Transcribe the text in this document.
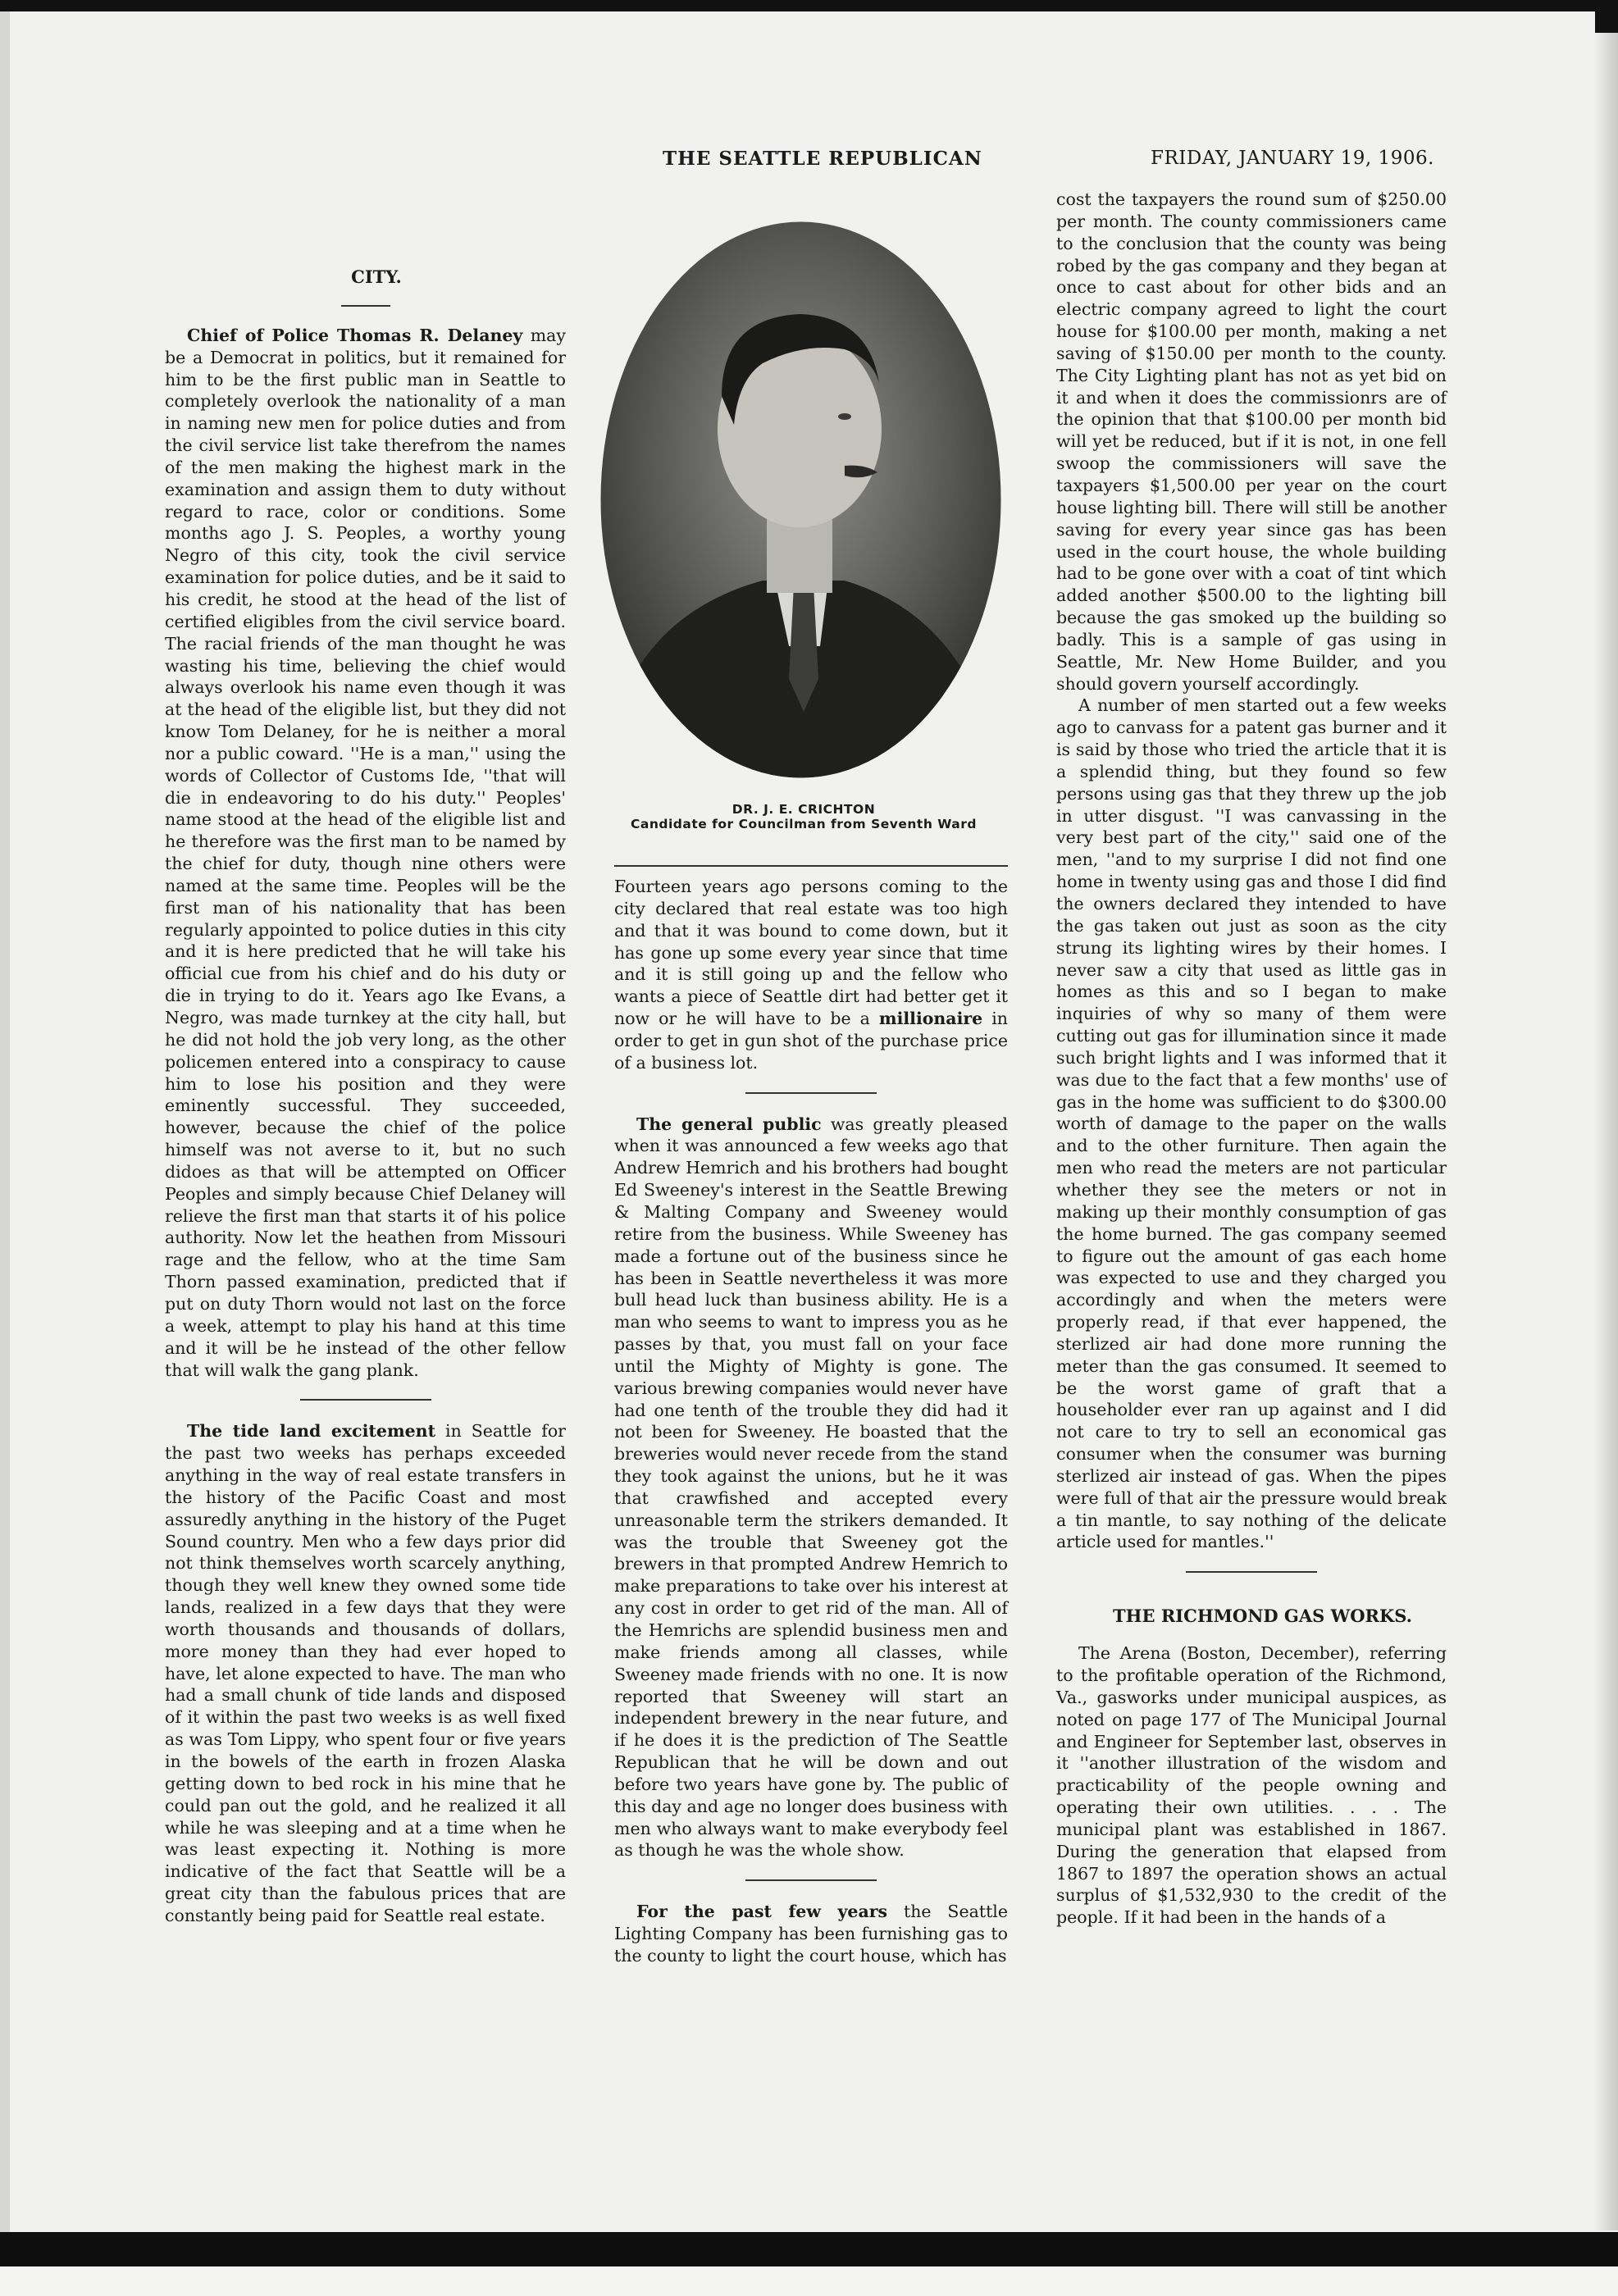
THE SEATTLE REPUBLICAN	FRIDAY, JANUARY 19, 1906.

CITY.

Chief of Police Thomas R. Delaney may be a Democrat in politics, but it remained for him to be the first public man in Seattle to completely overlook the nationality of a man in naming new men for police duties and from the civil service list take therefrom the names of the men making the highest mark in the examination and assign them to duty without regard to race, color or conditions. Some months ago J. S. Peoples, a worthy young Negro of this city, took the civil service examination for police duties, and be it said to his credit, he stood at the head of the list of certified eligibles from the civil service board. The racial friends of the man thought he was wasting his time, believing the chief would always overlook his name even though it was at the head of the eligible list, but they did not know Tom Delaney, for he is neither a moral nor a public coward. ''He is a man,'' using the words of Collector of Customs Ide, ''that will die in endeavoring to do his duty.'' Peoples' name stood at the head of the eligible list and he therefore was the first man to be named by the chief for duty, though nine others were named at the same time. Peoples will be the first man of his nationality that has been regularly appointed to police duties in this city and it is here predicted that he will take his official cue from his chief and do his duty or die in trying to do it. Years ago Ike Evans, a Negro, was made turnkey at the city hall, but he did not hold the job very long, as the other policemen entered into a conspiracy to cause him to lose his position and they were eminently successful. They succeeded, however, because the chief of the police himself was not averse to it, but no such didoes as that will be attempted on Officer Peoples and simply because Chief Delaney will relieve the first man that starts it of his police authority. Now let the heathen from Missouri rage and the fellow, who at the time Sam Thorn passed examination, predicted that if put on duty Thorn would not last on the force a week, attempt to play his hand at this time and it will be he instead of the other fellow that will walk the gang plank.

The tide land excitement in Seattle for the past two weeks has perhaps exceeded anything in the way of real estate transfers in the history of the Pacific Coast and most assuredly anything in the history of the Puget Sound country. Men who a few days prior did not think themselves worth scarcely anything, though they well knew they owned some tide lands, realized in a few days that they were worth thousands and thousands of dollars, more money than they had ever hoped to have, let alone expected to have. The man who had a small chunk of tide lands and disposed of it within the past two weeks is as well fixed as was Tom Lippy, who spent four or five years in the bowels of the earth in frozen Alaska getting down to bed rock in his mine that he could pan out the gold, and he realized it all while he was sleeping and at a time when he was least expecting it. Nothing is more indicative of the fact that Seattle will be a great city than the fabulous prices that are constantly being paid for Seattle real estate.

DR. J. E. CRICHTON
Candidate for Councilman from Seventh Ward

Fourteen years ago persons coming to the city declared that real estate was too high and that it was bound to come down, but it has gone up some every year since that time and it is still going up and the fellow who wants a piece of Seattle dirt had better get it now or he will have to be a millionaire in order to get in gun shot of the purchase price of a business lot.

The general public was greatly pleased when it was announced a few weeks ago that Andrew Hemrich and his brothers had bought Ed Sweeney's interest in the Seattle Brewing & Malting Company and Sweeney would retire from the business. While Sweeney has made a fortune out of the business since he has been in Seattle nevertheless it was more bull head luck than business ability. He is a man who seems to want to impress you as he passes by that, you must fall on your face until the Mighty of Mighty is gone. The various brewing companies would never have had one tenth of the trouble they did had it not been for Sweeney. He boasted that the breweries would never recede from the stand they took against the unions, but he it was that crawfished and accepted every unreasonable term the strikers demanded. It was the trouble that Sweeney got the brewers in that prompted Andrew Hemrich to make preparations to take over his interest at any cost in order to get rid of the man. All of the Hemrichs are splendid business men and make friends among all classes, while Sweeney made friends with no one. It is now reported that Sweeney will start an independent brewery in the near future, and if he does it is the prediction of The Seattle Republican that he will be down and out before two years have gone by. The public of this day and age no longer does business with men who always want to make everybody feel as though he was the whole show.

For the past few years the Seattle Lighting Company has been furnishing gas to the county to light the court house, which has

cost the taxpayers the round sum of $250.00 per month. The county commissioners came to the conclusion that the county was being robed by the gas company and they began at once to cast about for other bids and an electric company agreed to light the court house for $100.00 per month, making a net saving of $150.00 per month to the county. The City Lighting plant has not as yet bid on it and when it does the commissionrs are of the opinion that that $100.00 per month bid will yet be reduced, but if it is not, in one fell swoop the commissioners will save the taxpayers $1,500.00 per year on the court house lighting bill. There will still be another saving for every year since gas has been used in the court house, the whole building had to be gone over with a coat of tint which added another $500.00 to the lighting bill because the gas smoked up the building so badly. This is a sample of gas using in Seattle, Mr. New Home Builder, and you should govern yourself accordingly.

A number of men started out a few weeks ago to canvass for a patent gas burner and it is said by those who tried the article that it is a splendid thing, but they found so few persons using gas that they threw up the job in utter disgust. ''I was canvassing in the very best part of the city,'' said one of the men, ''and to my surprise I did not find one home in twenty using gas and those I did find the owners declared they intended to have the gas taken out just as soon as the city strung its lighting wires by their homes. I never saw a city that used as little gas in homes as this and so I began to make inquiries of why so many of them were cutting out gas for illumination since it made such bright lights and I was informed that it was due to the fact that a few months' use of gas in the home was sufficient to do $300.00 worth of damage to the paper on the walls and to the other furniture. Then again the men who read the meters are not particular whether they see the meters or not in making up their monthly consumption of gas the home burned. The gas company seemed to figure out the amount of gas each home was expected to use and they charged you accordingly and when the meters were properly read, if that ever happened, the sterlized air had done more running the meter than the gas consumed. It seemed to be the worst game of graft that a householder ever ran up against and I did not care to try to sell an economical gas consumer when the consumer was burning sterlized air instead of gas. When the pipes were full of that air the pressure would break a tin mantle, to say nothing of the delicate article used for mantles.''

THE RICHMOND GAS WORKS.

The Arena (Boston, December), referring to the profitable operation of the Richmond, Va., gasworks under municipal auspices, as noted on page 177 of The Municipal Journal and Engineer for September last, observes in it ''another illustration of the wisdom and practicability of the people owning and operating their own utilities. . . . The municipal plant was established in 1867. During the generation that elapsed from 1867 to 1897 the operation shows an actual surplus of $1,532,930 to the credit of the people. If it had been in the hands of a
